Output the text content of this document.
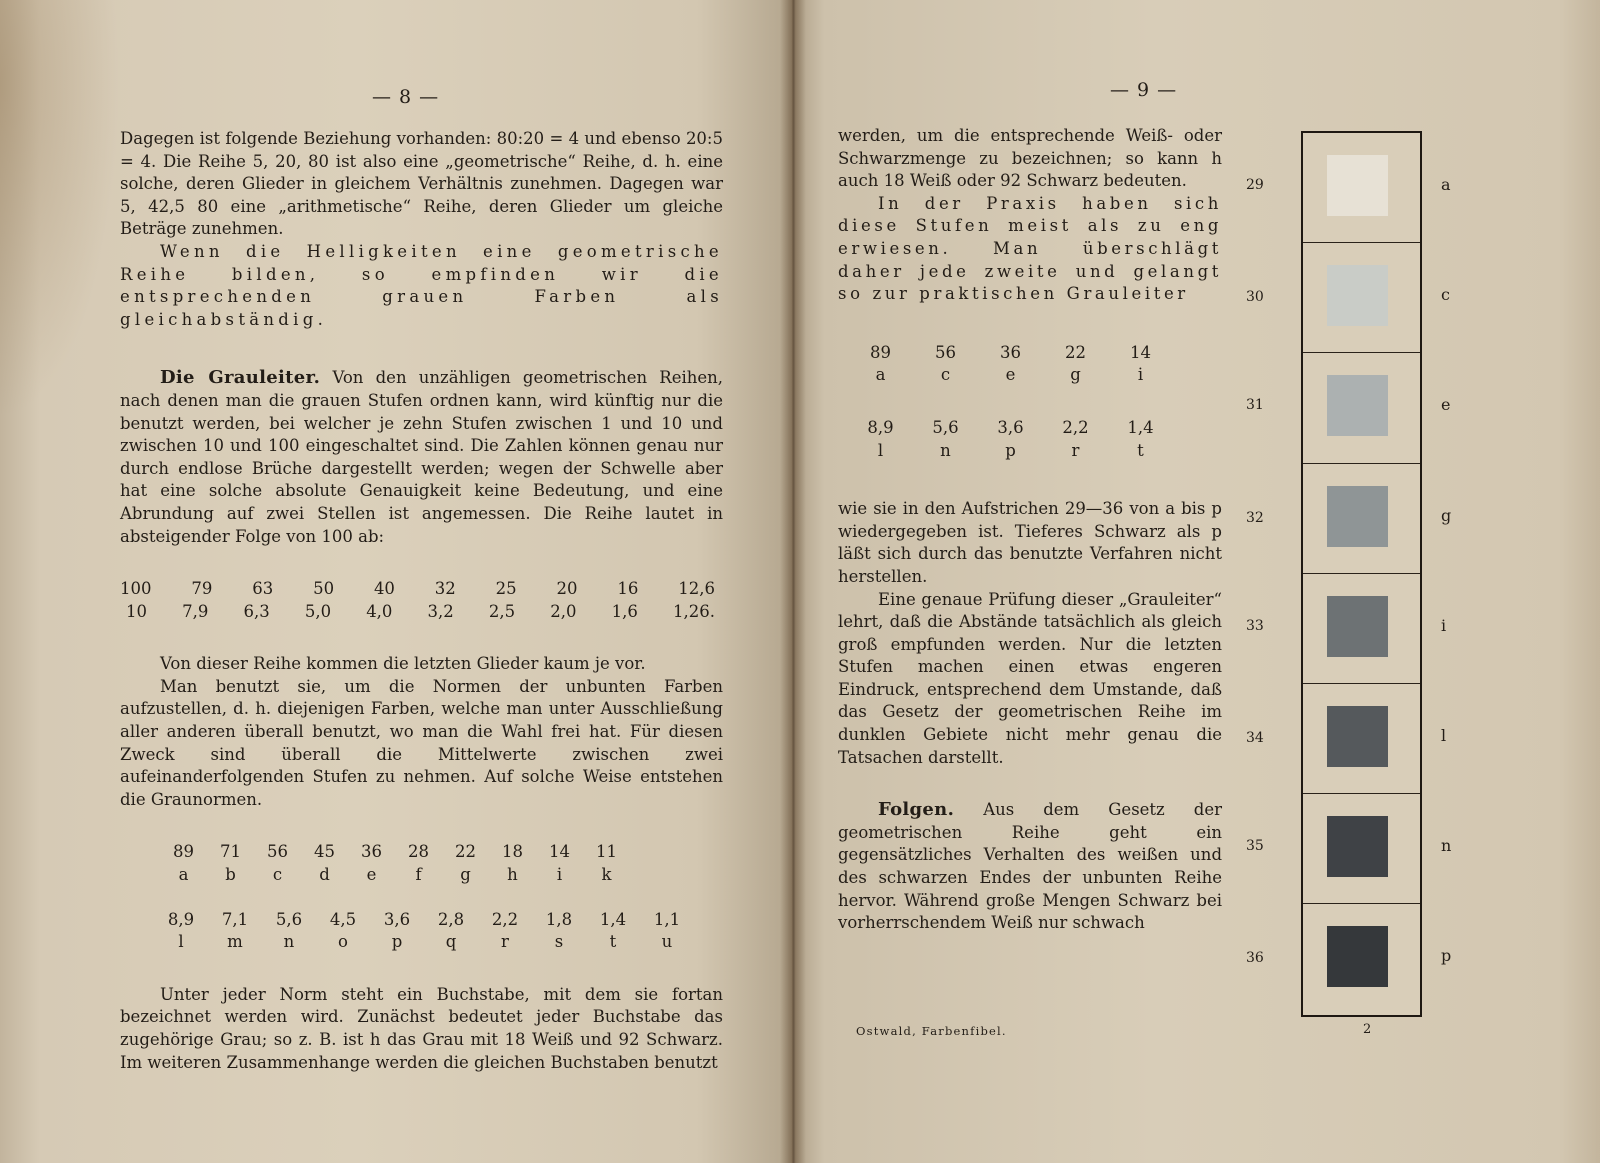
— 8 —

Dagegen ist folgende Beziehung vorhanden: 80:20 = 4 und ebenso 20:5 = 4. Die Reihe 5, 20, 80 ist also eine „geometrische“ Reihe, d. h. eine solche, deren Glieder in gleichem Verhältnis zunehmen. Dagegen war 5, 42,5 80 eine „arithmetische“ Reihe, deren Glieder um gleiche Beträge zunehmen.

Wenn die Helligkeiten eine geometrische Reihe bilden, so empfinden wir die entsprechenden grauen Farben als gleichabständig.

Die Grauleiter. Von den unzähligen geometrischen Reihen, nach denen man die grauen Stufen ordnen kann, wird künftig nur die benutzt werden, bei welcher je zehn Stufen zwischen 1 und 10 und zwischen 10 und 100 eingeschaltet sind. Die Zahlen können genau nur durch endlose Brüche dargestellt werden; wegen der Schwelle aber hat eine solche absolute Genauigkeit keine Bedeutung, und eine Abrundung auf zwei Stellen ist angemessen. Die Reihe lautet in absteigender Folge von 100 ab:

100 79 63 50 40 32 25 20 16 12,6
10 7,9 6,3 5,0 4,0 3,2 2,5 2,0 1,6 1,26.

Von dieser Reihe kommen die letzten Glieder kaum je vor.

Man benutzt sie, um die Normen der unbunten Farben aufzustellen, d. h. diejenigen Farben, welche man unter Ausschließung aller anderen überall benutzt, wo man die Wahl frei hat. Für diesen Zweck sind überall die Mittelwerte zwischen zwei aufeinanderfolgenden Stufen zu nehmen. Auf solche Weise entstehen die Graunormen.

89	71	56	45	36	28	22	18	14	11
a	b	c	d	e	f	g	h	i	k
8,9	7,1	5,6	4,5	3,6	2,8	2,2	1,8	1,4	1,1
l	m	n	o	p	q	r	s	t	u

Unter jeder Norm steht ein Buchstabe, mit dem sie fortan bezeichnet werden wird. Zunächst bedeutet jeder Buchstabe das zugehörige Grau; so z. B. ist h das Grau mit 18 Weiß und 92 Schwarz. Im weiteren Zusammenhange werden die gleichen Buchstaben benutzt

— 9 —

werden, um die entsprechende Weiß- oder Schwarzmenge zu bezeichnen; so kann h auch 18 Weiß oder 92 Schwarz bedeuten.

In der Praxis haben sich diese Stufen meist als zu eng erwiesen. Man überschlägt daher jede zweite und gelangt so zur praktischen Grauleiter

89	56	36	22	14
a	c	e	g	i
8,9	5,6	3,6	2,2	1,4
l	n	p	r	t

wie sie in den Aufstrichen 29—36 von a bis p wiedergegeben ist. Tieferes Schwarz als p läßt sich durch das benutzte Verfahren nicht herstellen.

Eine genaue Prüfung dieser „Grauleiter“ lehrt, daß die Abstände tatsächlich als gleich groß empfunden werden. Nur die letzten Stufen machen einen etwas engeren Eindruck, entsprechend dem Umstande, daß das Gesetz der geometrischen Reihe im dunklen Gebiete nicht mehr genau die Tatsachen darstellt.

Folgen. Aus dem Gesetz der geometrischen Reihe geht ein gegensätzliches Verhalten des weißen und des schwarzen Endes der unbunten Reihe hervor. Während große Mengen Schwarz bei vorherrschendem Weiß nur schwach

29	a
30	c
31	e
32	g
33	i
34	l
35	n
36	p
Ostwald, Farbenfibel.	2
